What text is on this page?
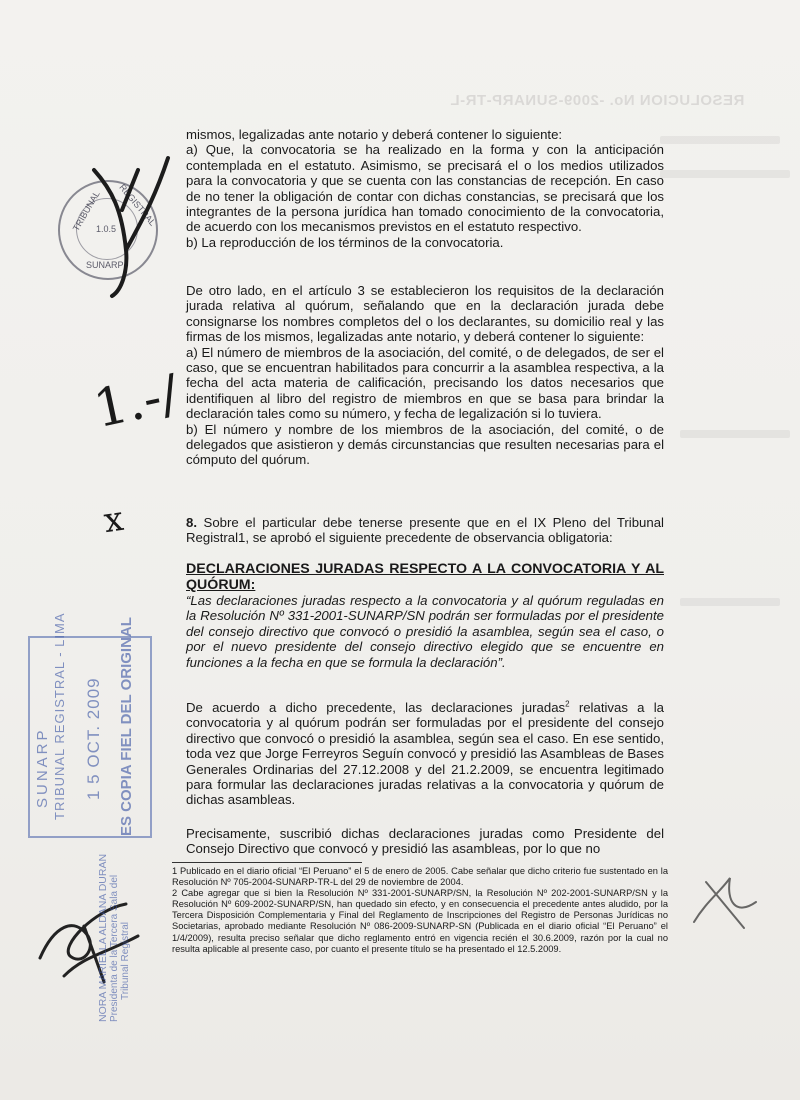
RESOLUCION No. -2009-SUNARP-TR-L
TRIBUNAL REGISTRAL
SUNARP
1.0.5
1.-/
x
mismos, legalizadas ante notario y deberá contener lo siguiente:
a) Que, la convocatoria se ha realizado en la forma y con la anticipación contemplada en el estatuto. Asimismo, se precisará el o los medios utilizados para la convocatoria y que se cuenta con las constancias de recepción. En caso de no tener la obligación de contar con dichas constancias, se precisará que los integrantes de la persona jurídica han tomado conocimiento de la convocatoria, de acuerdo con los mecanismos previstos en el estatuto respectivo.
b) La reproducción de los términos de la convocatoria.
De otro lado, en el artículo 3 se establecieron los requisitos de la declaración jurada relativa al quórum, señalando que en la declaración jurada debe consignarse los nombres completos del o los declarantes, su domicilio real y las firmas de los mismos, legalizadas ante notario, y deberá contener lo siguiente:
a) El número de miembros de la asociación, del comité, o de delegados, de ser el caso, que se encuentran habilitados para concurrir a la asamblea respectiva, a la fecha del acta materia de calificación, precisando los datos necesarios que identifiquen al libro del registro de miembros en que se basa para brindar la declaración tales como su número, y fecha de legalización si lo tuviera.
b) El número y nombre de los miembros de la asociación, del comité, o de delegados que asistieron y demás circunstancias que resulten necesarias para el cómputo del quórum.
8. Sobre el particular debe tenerse presente que en el IX Pleno del Tribunal Registral1, se aprobó el siguiente precedente de observancia obligatoria:
DECLARACIONES JURADAS RESPECTO A LA CONVOCATORIA Y AL QUÓRUM:
“Las declaraciones juradas respecto a la convocatoria y al quórum reguladas en la Resolución Nº 331-2001-SUNARP/SN podrán ser formuladas por el presidente del consejo directivo que convocó o presidió la asamblea, según sea el caso, o por el nuevo presidente del consejo directivo elegido que se encuentre en funciones a la fecha en que se formula la declaración”.
De acuerdo a dicho precedente, las declaraciones juradas$^2$ relativas a la convocatoria y al quórum podrán ser formuladas por el presidente del consejo directivo que convocó o presidió la asamblea, según sea el caso. En ese sentido, toda vez que Jorge Ferreyros Seguín convocó y presidió las Asambleas de Bases Generales Ordinarias del 27.12.2008 y del 21.2.2009, se encuentra legitimado para formular las declaraciones juradas relativas a la convocatoria y quórum de dichas asambleas.
Precisamente, suscribió dichas declaraciones juradas como Presidente del Consejo Directivo que convocó y presidió las asambleas, por lo que no
1 Publicado en el diario oficial “El Peruano” el 5 de enero de 2005. Cabe señalar que dicho criterio fue sustentado en la Resolución Nº 705-2004-SUNARP-TR-L del 29 de noviembre de 2004.
2 Cabe agregar que si bien la Resolución Nº 331-2001-SUNARP/SN, la Resolución Nº 202-2001-SUNARP/SN y la Resolución Nº 609-2002-SUNARP/SN, han quedado sin efecto, y en consecuencia el precedente antes aludido, por la Tercera Disposición Complementaria y Final del Reglamento de Inscripciones del Registro de Personas Jurídicas no Societarias, aprobado mediante Resolución Nº 086-2009-SUNARP-SN (Publicada en el diario oficial “El Peruano” el 1/4/2009), resulta preciso señalar que dicho reglamento entró en vigencia recién el 30.6.2009, razón por la cual no resulta aplicable al presente caso, por cuanto el presente título se ha presentado el 12.5.2009.
SUNARP TRIBUNAL REGISTRAL - LIMA 1 5 OCT. 2009 ES COPIA FIEL DEL ORIGINAL
NORA MARIELLA ALDANA DURAN Presidenta de la Tercera Sala del Tribunal Registral
